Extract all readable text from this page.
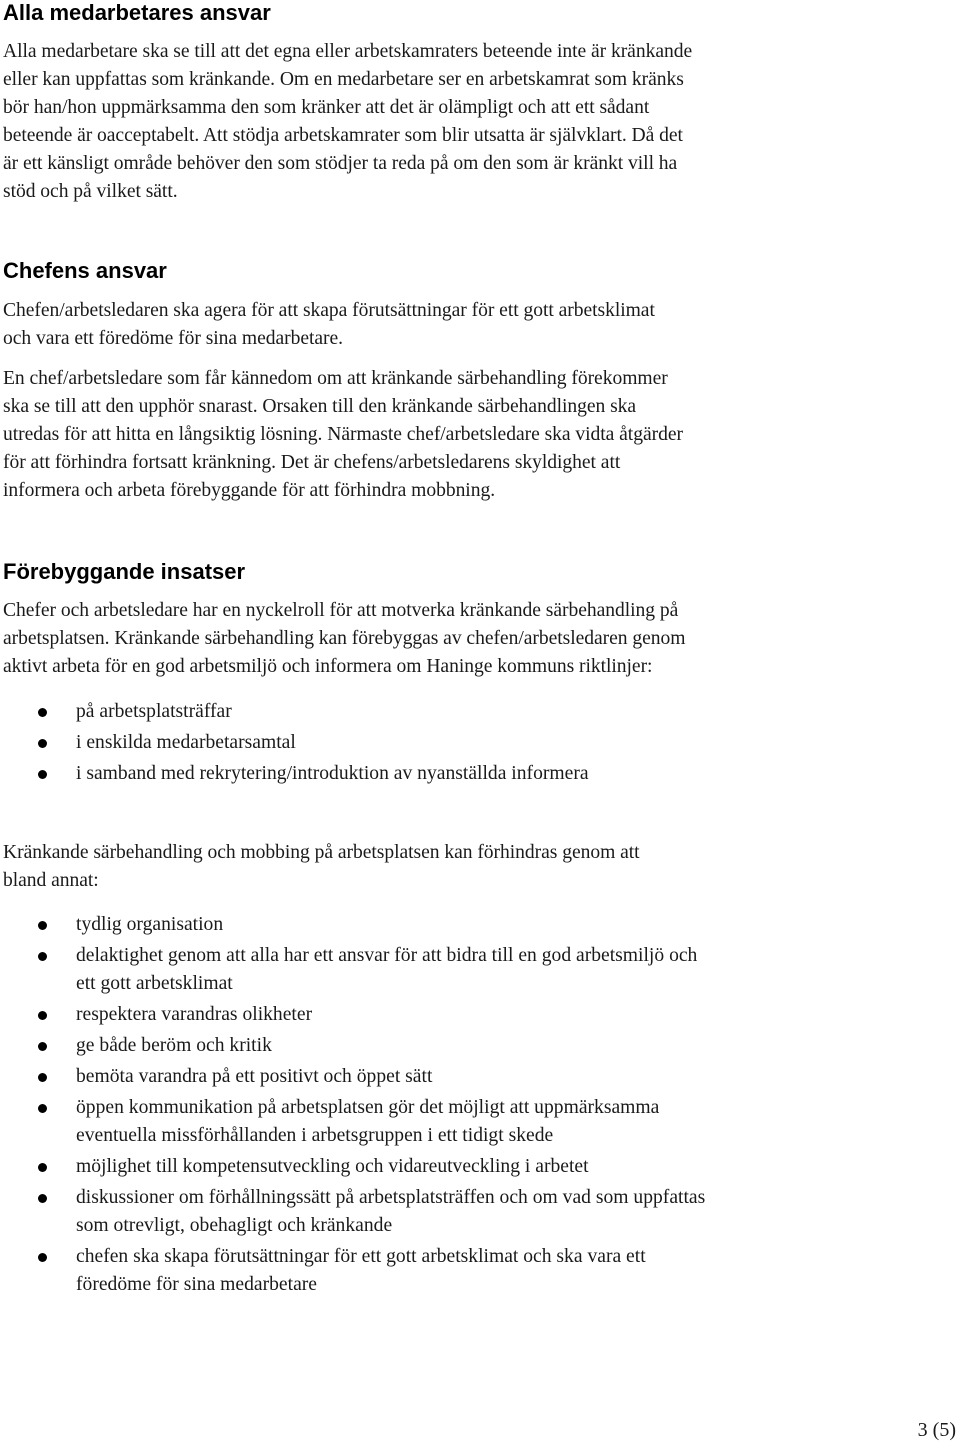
Alla medarbetares ansvar
Alla medarbetare ska se till att det egna eller arbetskamraters beteende inte är kränkande
eller kan uppfattas som kränkande. Om en medarbetare ser en arbetskamrat som kränks
bör han/hon uppmärksamma den som kränker att det är olämpligt och att ett sådant
beteende är oacceptabelt. Att stödja arbetskamrater som blir utsatta är självklart. Då det
är ett känsligt område behöver den som stödjer ta reda på om den som är kränkt vill ha
stöd och på vilket sätt.
Chefens ansvar
Chefen/arbetsledaren ska agera för att skapa förutsättningar för ett gott arbetsklimat
och vara ett föredöme för sina medarbetare.
En chef/arbetsledare som får kännedom om att kränkande särbehandling förekommer
ska se till att den upphör snarast. Orsaken till den kränkande särbehandlingen ska
utredas för att hitta en långsiktig lösning. Närmaste chef/arbetsledare ska vidta åtgärder
för att förhindra fortsatt kränkning. Det är chefens/arbetsledarens skyldighet att
informera och arbeta förebyggande för att förhindra mobbning.
Förebyggande insatser
Chefer och arbetsledare har en nyckelroll för att motverka kränkande särbehandling på
arbetsplatsen. Kränkande särbehandling kan förebyggas av chefen/arbetsledaren genom
aktivt arbeta för en god arbetsmiljö och informera om Haninge kommuns riktlinjer:
på arbetsplatsträffar
i enskilda medarbetarsamtal
i samband med rekrytering/introduktion av nyanställda informera
Kränkande särbehandling och mobbing på arbetsplatsen kan förhindras genom att
bland annat:
tydlig organisation
delaktighet genom att alla har ett ansvar för att bidra till en god arbetsmiljö och
ett gott arbetsklimat
respektera varandras olikheter
ge både beröm och kritik
bemöta varandra på ett positivt och öppet sätt
öppen kommunikation på arbetsplatsen gör det möjligt att uppmärksamma
eventuella missförhållanden i arbetsgruppen i ett tidigt skede
möjlighet till kompetensutveckling och vidareutveckling i arbetet
diskussioner om förhållningssätt på arbetsplatsträffen och om vad som uppfattas
som otrevligt, obehagligt och kränkande
chefen ska skapa förutsättningar för ett gott arbetsklimat och ska vara ett
föredöme för sina medarbetare
3 (5)
